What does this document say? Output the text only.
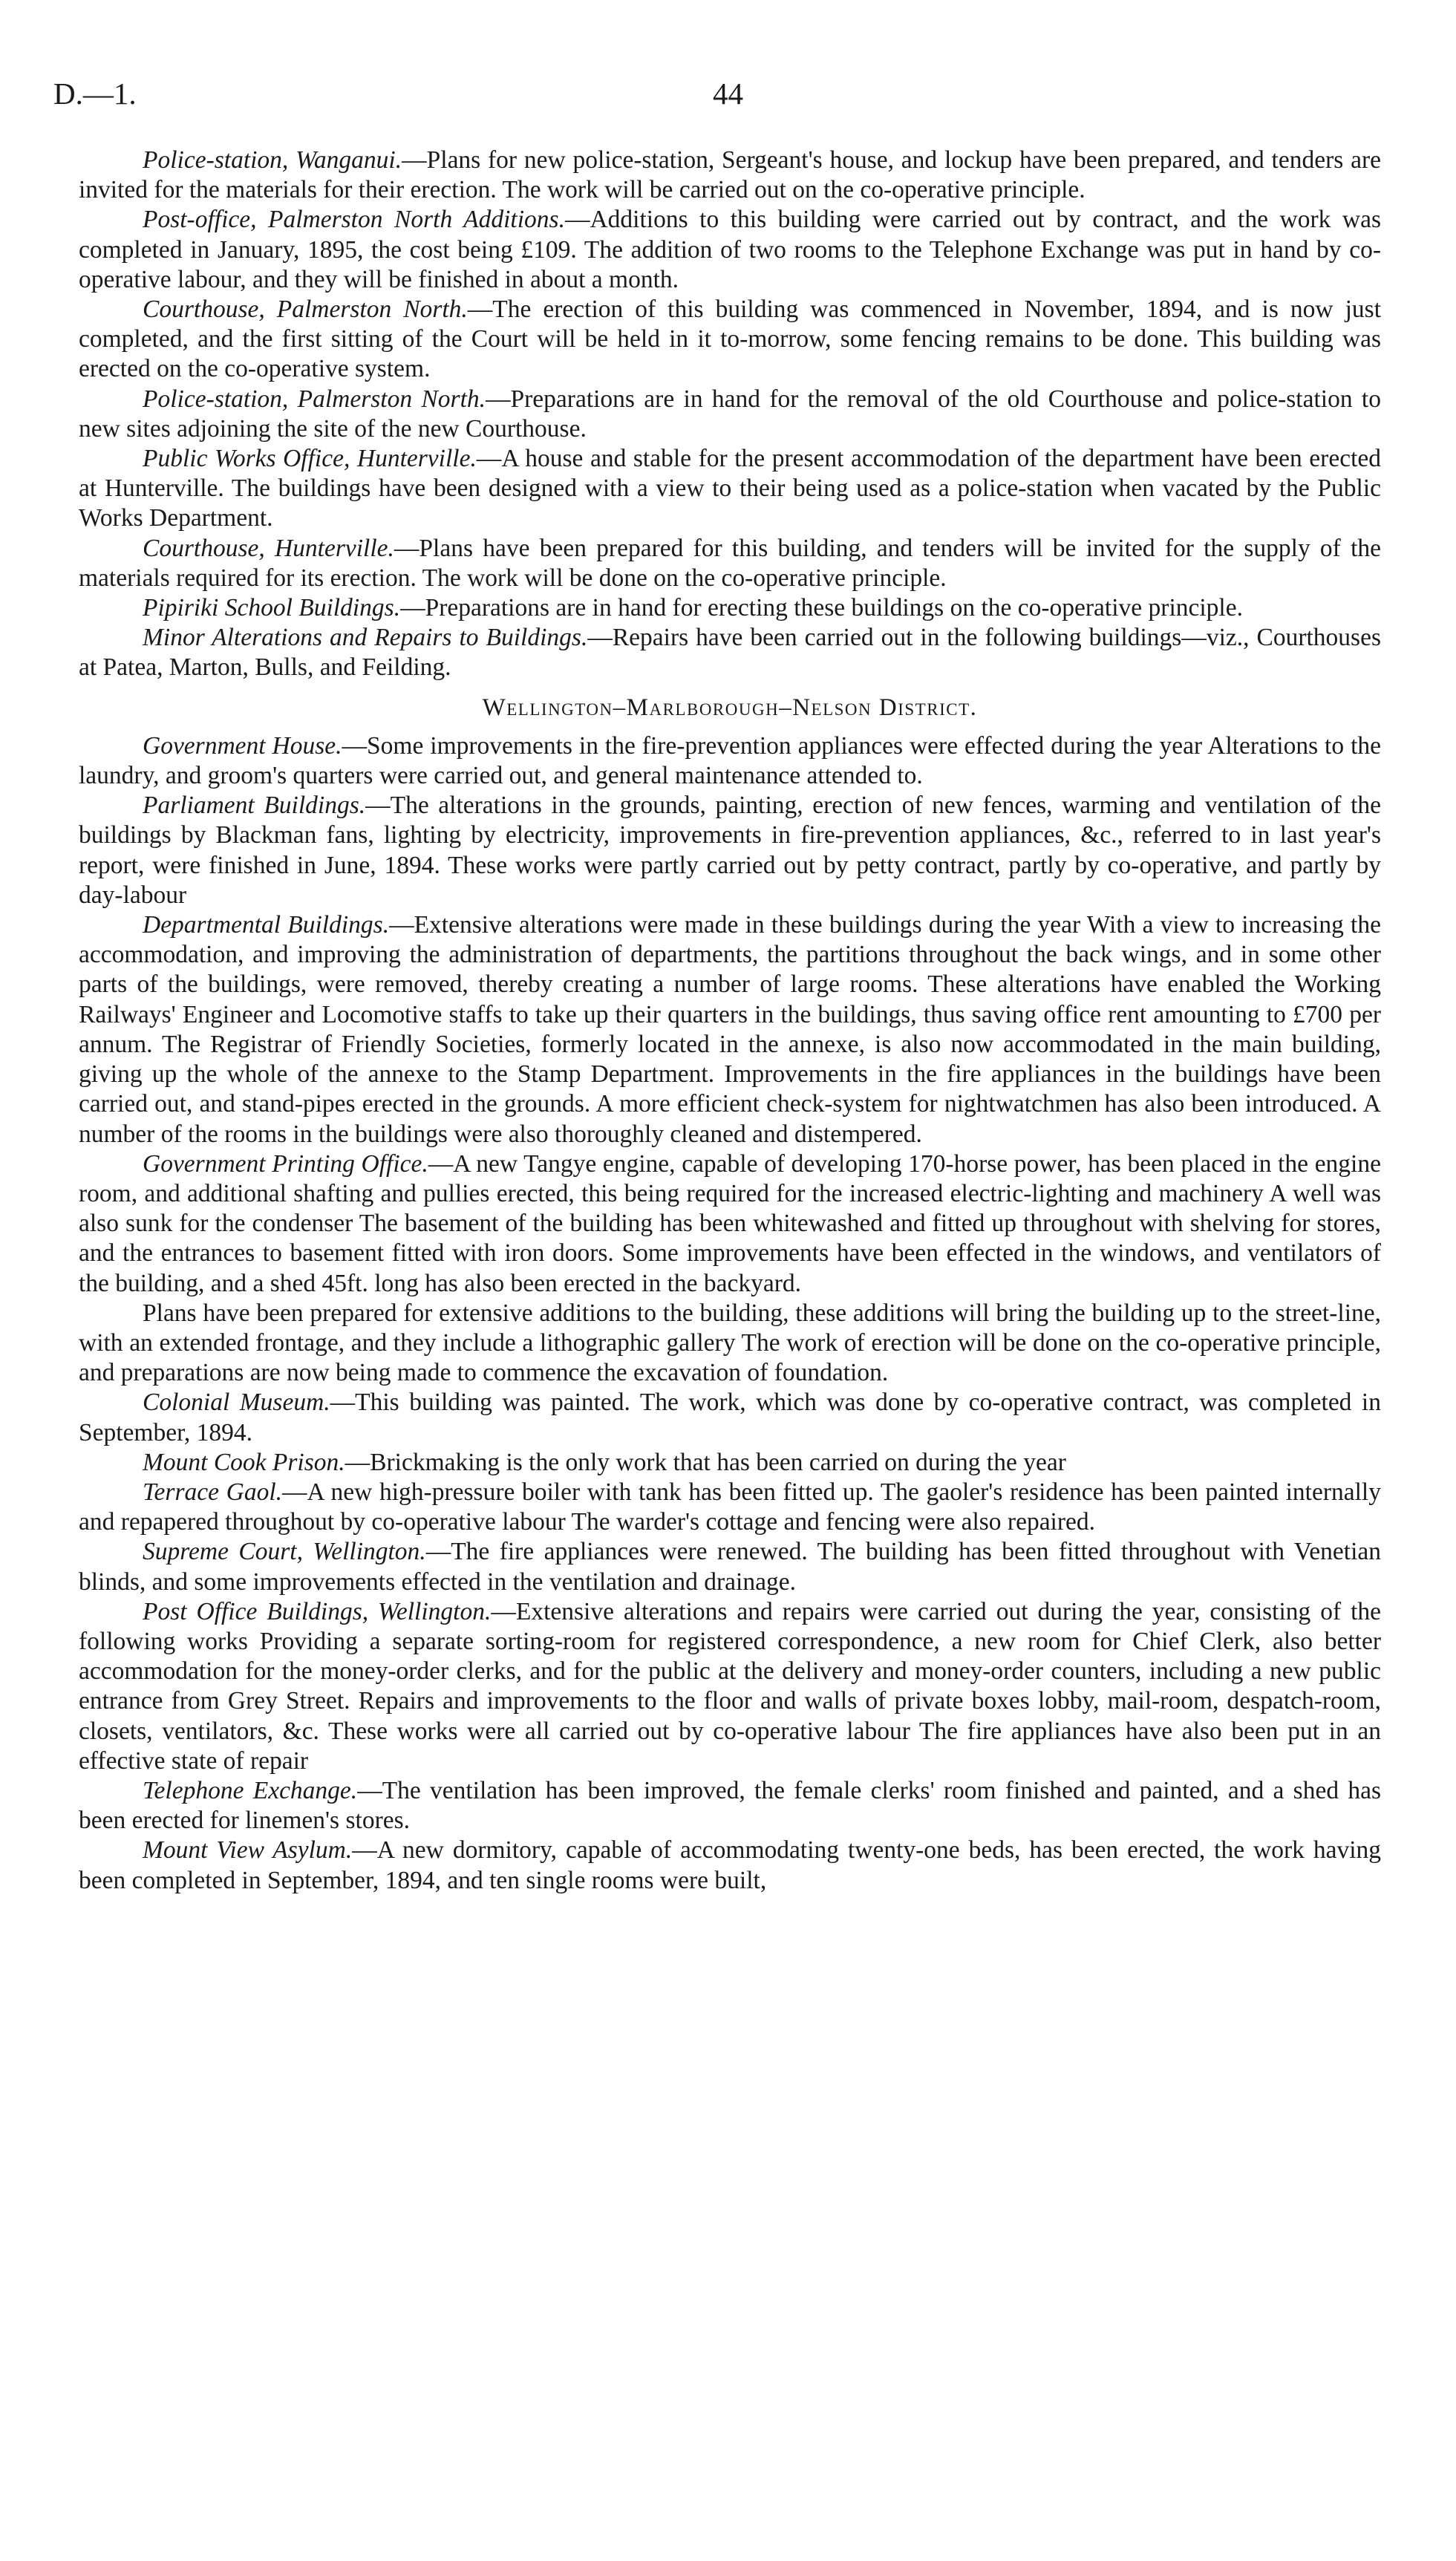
D.—1.	44

Police-station, Wanganui.—Plans for new police-station, Sergeant's house, and lockup have been prepared, and tenders are invited for the materials for their erection. The work will be carried out on the co-operative principle.

Post-office, Palmerston North Additions.—Additions to this building were carried out by contract, and the work was completed in January, 1895, the cost being £109. The addition of two rooms to the Telephone Exchange was put in hand by co-operative labour, and they will be finished in about a month.

Courthouse, Palmerston North.—The erection of this building was commenced in November, 1894, and is now just completed, and the first sitting of the Court will be held in it to-morrow, some fencing remains to be done. This building was erected on the co-operative system.

Police-station, Palmerston North.—Preparations are in hand for the removal of the old Courthouse and police-station to new sites adjoining the site of the new Courthouse.

Public Works Office, Hunterville.—A house and stable for the present accommodation of the department have been erected at Hunterville. The buildings have been designed with a view to their being used as a police-station when vacated by the Public Works Department.

Courthouse, Hunterville.—Plans have been prepared for this building, and tenders will be invited for the supply of the materials required for its erection. The work will be done on the co-operative principle.

Pipiriki School Buildings.—Preparations are in hand for erecting these buildings on the co-operative principle.

Minor Alterations and Repairs to Buildings.—Repairs have been carried out in the following buildings—viz., Courthouses at Patea, Marton, Bulls, and Feilding.

Wellington–Marlborough–Nelson District.

Government House.—Some improvements in the fire-prevention appliances were effected during the year Alterations to the laundry, and groom's quarters were carried out, and general maintenance attended to.

Parliament Buildings.—The alterations in the grounds, painting, erection of new fences, warming and ventilation of the buildings by Blackman fans, lighting by electricity, improvements in fire-prevention appliances, &c., referred to in last year's report, were finished in June, 1894. These works were partly carried out by petty contract, partly by co-operative, and partly by day-labour

Departmental Buildings.—Extensive alterations were made in these buildings during the year With a view to increasing the accommodation, and improving the administration of departments, the partitions throughout the back wings, and in some other parts of the buildings, were removed, thereby creating a number of large rooms. These alterations have enabled the Working Railways' Engineer and Locomotive staffs to take up their quarters in the buildings, thus saving office rent amounting to £700 per annum. The Registrar of Friendly Societies, formerly located in the annexe, is also now accommodated in the main building, giving up the whole of the annexe to the Stamp Department. Improvements in the fire appliances in the buildings have been carried out, and stand-pipes erected in the grounds. A more efficient check-system for nightwatchmen has also been introduced. A number of the rooms in the buildings were also thoroughly cleaned and distempered.

Government Printing Office.—A new Tangye engine, capable of developing 170-horse power, has been placed in the engine room, and additional shafting and pullies erected, this being required for the increased electric-lighting and machinery A well was also sunk for the condenser The basement of the building has been whitewashed and fitted up throughout with shelving for stores, and the entrances to basement fitted with iron doors. Some improvements have been effected in the windows, and ventilators of the building, and a shed 45ft. long has also been erected in the backyard.

Plans have been prepared for extensive additions to the building, these additions will bring the building up to the street-line, with an extended frontage, and they include a lithographic gallery The work of erection will be done on the co-operative principle, and preparations are now being made to commence the excavation of foundation.

Colonial Museum.—This building was painted. The work, which was done by co-operative contract, was completed in September, 1894.

Mount Cook Prison.—Brickmaking is the only work that has been carried on during the year

Terrace Gaol.—A new high-pressure boiler with tank has been fitted up. The gaoler's residence has been painted internally and repapered throughout by co-operative labour The warder's cottage and fencing were also repaired.

Supreme Court, Wellington.—The fire appliances were renewed. The building has been fitted throughout with Venetian blinds, and some improvements effected in the ventilation and drainage.

Post Office Buildings, Wellington.—Extensive alterations and repairs were carried out during the year, consisting of the following works Providing a separate sorting-room for registered correspondence, a new room for Chief Clerk, also better accommodation for the money-order clerks, and for the public at the delivery and money-order counters, including a new public entrance from Grey Street. Repairs and improvements to the floor and walls of private boxes lobby, mail-room, despatch-room, closets, ventilators, &c. These works were all carried out by co-operative labour The fire appliances have also been put in an effective state of repair

Telephone Exchange.—The ventilation has been improved, the female clerks' room finished and painted, and a shed has been erected for linemen's stores.

Mount View Asylum.—A new dormitory, capable of accommodating twenty-one beds, has been erected, the work having been completed in September, 1894, and ten single rooms were built,
